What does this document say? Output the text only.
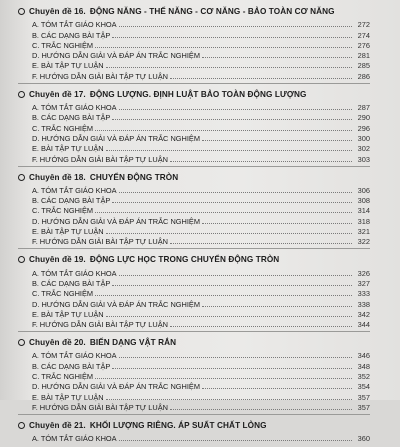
Chuyên đề 16. ĐỘNG NĂNG - THẾ NĂNG - CƠ NĂNG - BẢO TOÀN CƠ NĂNG
A. TÓM TẮT GIÁO KHOA	272
B. CÁC DẠNG BÀI TẬP	274
C. TRẮC NGHIỆM	276
D. HƯỚNG DẪN GIẢI VÀ ĐÁP ÁN TRẮC NGHIỆM	281
E. BÀI TẬP TỰ LUẬN	285
F. HƯỚNG DẪN GIẢI BÀI TẬP TỰ LUẬN	286
Chuyên đề 17. ĐỘNG LƯỢNG. ĐỊNH LUẬT BẢO TOÀN ĐỘNG LƯỢNG
A. TÓM TẮT GIÁO KHOA	287
B. CÁC DẠNG BÀI TẬP	290
C. TRẮC NGHIỆM	296
D. HƯỚNG DẪN GIẢI VÀ ĐÁP ÁN TRẮC NGHIỆM	300
E. BÀI TẬP TỰ LUẬN	302
F. HƯỚNG DẪN GIẢI BÀI TẬP TỰ LUẬN	303
Chuyên đề 18. CHUYỂN ĐỘNG TRÒN
A. TÓM TẮT GIÁO KHOA	306
B. CÁC DẠNG BÀI TẬP	308
C. TRẮC NGHIỆM	314
D. HƯỚNG DẪN GIẢI VÀ ĐÁP ÁN TRẮC NGHIỆM	318
E. BÀI TẬP TỰ LUẬN	321
F. HƯỚNG DẪN GIẢI BÀI TẬP TỰ LUẬN	322
Chuyên đề 19. ĐỘNG LỰC HỌC TRONG CHUYỂN ĐỘNG TRÒN
A. TÓM TẮT GIÁO KHOA	326
B. CÁC DẠNG BÀI TẬP	327
C. TRẮC NGHIỆM	333
D. HƯỚNG DẪN GIẢI VÀ ĐÁP ÁN TRẮC NGHIỆM	338
E. BÀI TẬP TỰ LUẬN	342
F. HƯỚNG DẪN GIẢI BÀI TẬP TỰ LUẬN	344
Chuyên đề 20. BIẾN DẠNG VẬT RẮN
A. TÓM TẮT GIÁO KHOA	346
B. CÁC DẠNG BÀI TẬP	348
C. TRẮC NGHIỆM	352
D. HƯỚNG DẪN GIẢI VÀ ĐÁP ÁN TRẮC NGHIỆM	354
E. BÀI TẬP TỰ LUẬN	357
F. HƯỚNG DẪN GIẢI BÀI TẬP TỰ LUẬN	357
Chuyên đề 21. KHỐI LƯỢNG RIÊNG. ÁP SUẤT CHẤT LỎNG
A. TÓM TẮT GIÁO KHOA	360
